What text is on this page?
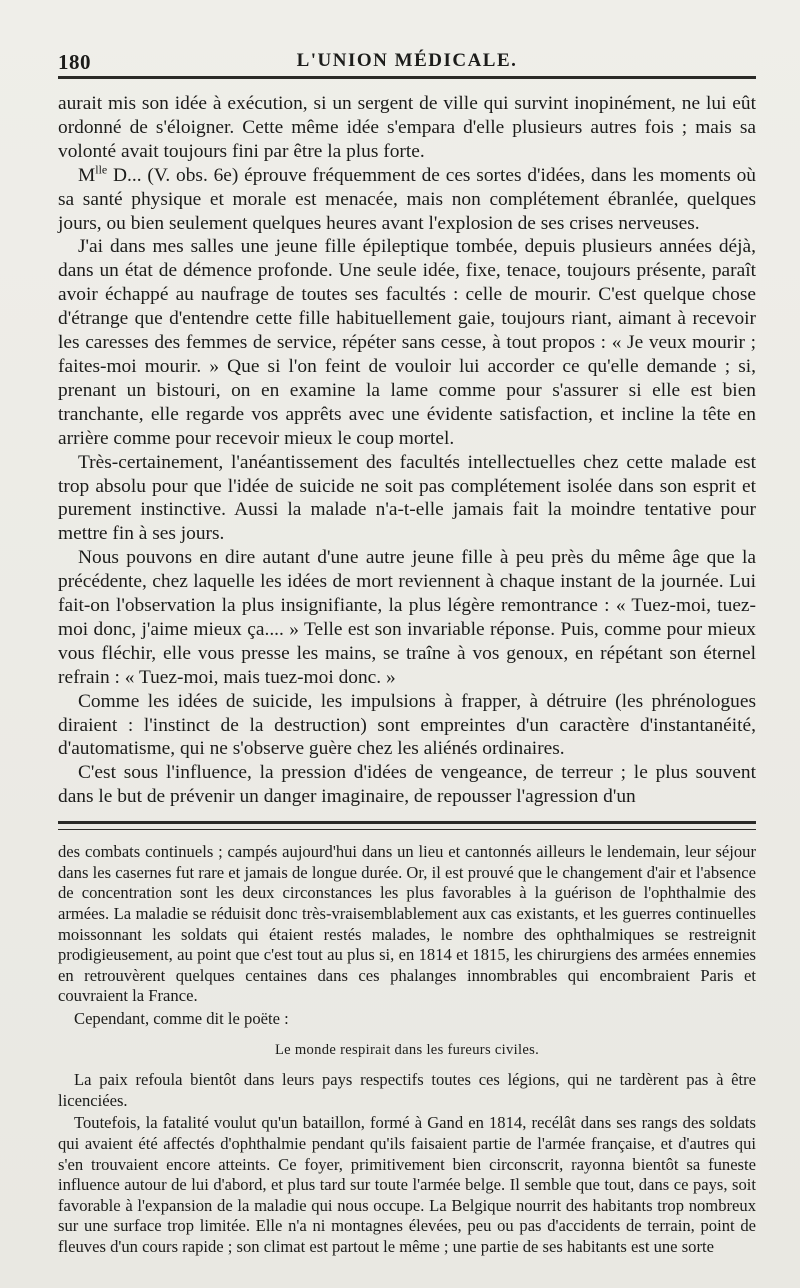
180	L'UNION MÉDICALE.

aurait mis son idée à exécution, si un sergent de ville qui survint inopinément, ne lui eût ordonné de s'éloigner. Cette même idée s'empara d'elle plusieurs autres fois ; mais sa volonté avait toujours fini par être la plus forte.

$M^{lle}$ D... (V. obs. 6e) éprouve fréquemment de ces sortes d'idées, dans les moments où sa santé physique et morale est menacée, mais non complétement ébranlée, quelques jours, ou bien seulement quelques heures avant l'explosion de ses crises nerveuses.

J'ai dans mes salles une jeune fille épileptique tombée, depuis plusieurs années déjà, dans un état de démence profonde. Une seule idée, fixe, tenace, toujours présente, paraît avoir échappé au naufrage de toutes ses facultés : celle de mourir. C'est quelque chose d'étrange que d'entendre cette fille habituellement gaie, toujours riant, aimant à recevoir les caresses des femmes de service, répéter sans cesse, à tout propos : « Je veux mourir ; faites-moi mourir. » Que si l'on feint de vouloir lui accorder ce qu'elle demande ; si, prenant un bistouri, on en examine la lame comme pour s'assurer si elle est bien tranchante, elle regarde vos apprêts avec une évidente satisfaction, et incline la tête en arrière comme pour recevoir mieux le coup mortel.

Très-certainement, l'anéantissement des facultés intellectuelles chez cette malade est trop absolu pour que l'idée de suicide ne soit pas complétement isolée dans son esprit et purement instinctive. Aussi la malade n'a-t-elle jamais fait la moindre tentative pour mettre fin à ses jours.

Nous pouvons en dire autant d'une autre jeune fille à peu près du même âge que la précédente, chez laquelle les idées de mort reviennent à chaque instant de la journée. Lui fait-on l'observation la plus insignifiante, la plus légère remontrance : « Tuez-moi, tuez-moi donc, j'aime mieux ça.... » Telle est son invariable réponse. Puis, comme pour mieux vous fléchir, elle vous presse les mains, se traîne à vos genoux, en répétant son éternel refrain : « Tuez-moi, mais tuez-moi donc. »

Comme les idées de suicide, les impulsions à frapper, à détruire (les phrénologues diraient : l'instinct de la destruction) sont empreintes d'un caractère d'instantanéité, d'automatisme, qui ne s'observe guère chez les aliénés ordinaires.

C'est sous l'influence, la pression d'idées de vengeance, de terreur ; le plus souvent dans le but de prévenir un danger imaginaire, de repousser l'agression d'un

des combats continuels ; campés aujourd'hui dans un lieu et cantonnés ailleurs le lendemain, leur séjour dans les casernes fut rare et jamais de longue durée. Or, il est prouvé que le changement d'air et l'absence de concentration sont les deux circonstances les plus favorables à la guérison de l'ophthalmie des armées. La maladie se réduisit donc très-vraisemblablement aux cas existants, et les guerres continuelles moissonnant les soldats qui étaient restés malades, le nombre des ophthalmiques se restreignit prodigieusement, au point que c'est tout au plus si, en 1814 et 1815, les chirurgiens des armées ennemies en retrouvèrent quelques centaines dans ces phalanges innombrables qui encombraient Paris et couvraient la France.

Cependant, comme dit le poëte :

Le monde respirait dans les fureurs civiles.

La paix refoula bientôt dans leurs pays respectifs toutes ces légions, qui ne tardèrent pas à être licenciées.

Toutefois, la fatalité voulut qu'un bataillon, formé à Gand en 1814, recélât dans ses rangs des soldats qui avaient été affectés d'ophthalmie pendant qu'ils faisaient partie de l'armée française, et d'autres qui s'en trouvaient encore atteints. Ce foyer, primitivement bien circonscrit, rayonna bientôt sa funeste influence autour de lui d'abord, et plus tard sur toute l'armée belge. Il semble que tout, dans ce pays, soit favorable à l'expansion de la maladie qui nous occupe. La Belgique nourrit des habitants trop nombreux sur une surface trop limitée. Elle n'a ni montagnes élevées, peu ou pas d'accidents de terrain, point de fleuves d'un cours rapide ; son climat est partout le même ; une partie de ses habitants est une sorte
